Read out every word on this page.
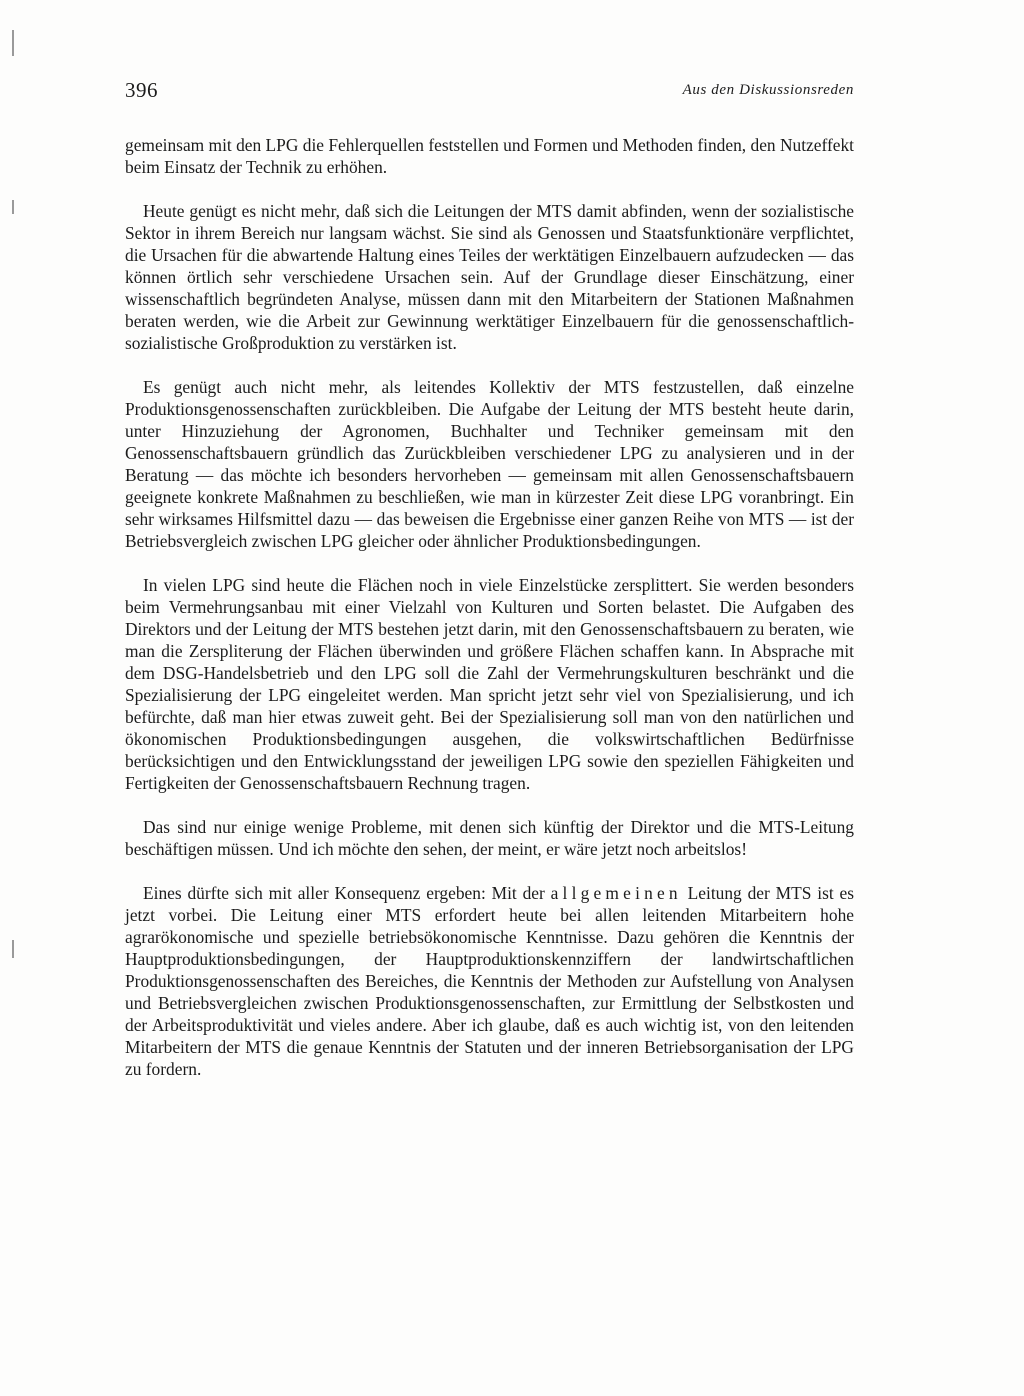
396	Aus den Diskussionsreden

gemeinsam mit den LPG die Fehlerquellen feststellen und Formen und Methoden finden, den Nutzeffekt beim Einsatz der Technik zu erhöhen.

Heute genügt es nicht mehr, daß sich die Leitungen der MTS damit abfinden, wenn der sozialistische Sektor in ihrem Bereich nur langsam wächst. Sie sind als Genossen und Staatsfunktionäre verpflichtet, die Ursachen für die abwartende Haltung eines Teiles der werktätigen Einzelbauern aufzudecken — das können örtlich sehr verschiedene Ursachen sein. Auf der Grundlage dieser Einschätzung, einer wissenschaftlich begründeten Analyse, müssen dann mit den Mitarbeitern der Stationen Maßnahmen beraten werden, wie die Arbeit zur Gewinnung werktätiger Einzelbauern für die genossenschaftlich-sozialistische Großproduktion zu verstärken ist.

Es genügt auch nicht mehr, als leitendes Kollektiv der MTS festzustellen, daß einzelne Produktionsgenossenschaften zurückbleiben. Die Aufgabe der Leitung der MTS besteht heute darin, unter Hinzuziehung der Agronomen, Buchhalter und Techniker gemeinsam mit den Genossenschaftsbauern gründlich das Zurückbleiben verschiedener LPG zu analysieren und in der Beratung — das möchte ich besonders hervorheben — gemeinsam mit allen Genossenschaftsbauern geeignete konkrete Maßnahmen zu beschließen, wie man in kürzester Zeit diese LPG voranbringt. Ein sehr wirksames Hilfsmittel dazu — das beweisen die Ergebnisse einer ganzen Reihe von MTS — ist der Betriebsvergleich zwischen LPG gleicher oder ähnlicher Produktionsbedingungen.

In vielen LPG sind heute die Flächen noch in viele Einzelstücke zersplittert. Sie werden besonders beim Vermehrungsanbau mit einer Vielzahl von Kulturen und Sorten belastet. Die Aufgaben des Direktors und der Leitung der MTS bestehen jetzt darin, mit den Genossenschaftsbauern zu beraten, wie man die Zerspliterung der Flächen überwinden und größere Flächen schaffen kann. In Absprache mit dem DSG-Handelsbetrieb und den LPG soll die Zahl der Vermehrungskulturen beschränkt und die Spezialisierung der LPG eingeleitet werden. Man spricht jetzt sehr viel von Spezialisierung, und ich befürchte, daß man hier etwas zuweit geht. Bei der Spezialisierung soll man von den natürlichen und ökonomischen Produktionsbedingungen ausgehen, die volkswirtschaftlichen Bedürfnisse berücksichtigen und den Entwicklungsstand der jeweiligen LPG sowie den speziellen Fähigkeiten und Fertigkeiten der Genossenschaftsbauern Rechnung tragen.

Das sind nur einige wenige Probleme, mit denen sich künftig der Direktor und die MTS-Leitung beschäftigen müssen. Und ich möchte den sehen, der meint, er wäre jetzt noch arbeitslos!

Eines dürfte sich mit aller Konsequenz ergeben: Mit der allgemeinen Leitung der MTS ist es jetzt vorbei. Die Leitung einer MTS erfordert heute bei allen leitenden Mitarbeitern hohe agrarökonomische und spezielle betriebsökonomische Kenntnisse. Dazu gehören die Kenntnis der Hauptproduktionsbedingungen, der Hauptproduktionskennziffern der landwirtschaftlichen Produktionsgenossenschaften des Bereiches, die Kenntnis der Methoden zur Aufstellung von Analysen und Betriebsvergleichen zwischen Produktionsgenossenschaften, zur Ermittlung der Selbstkosten und der Arbeitsproduktivität und vieles andere. Aber ich glaube, daß es auch wichtig ist, von den leitenden Mitarbeitern der MTS die genaue Kenntnis der Statuten und der inneren Betriebsorganisation der LPG zu fordern.
